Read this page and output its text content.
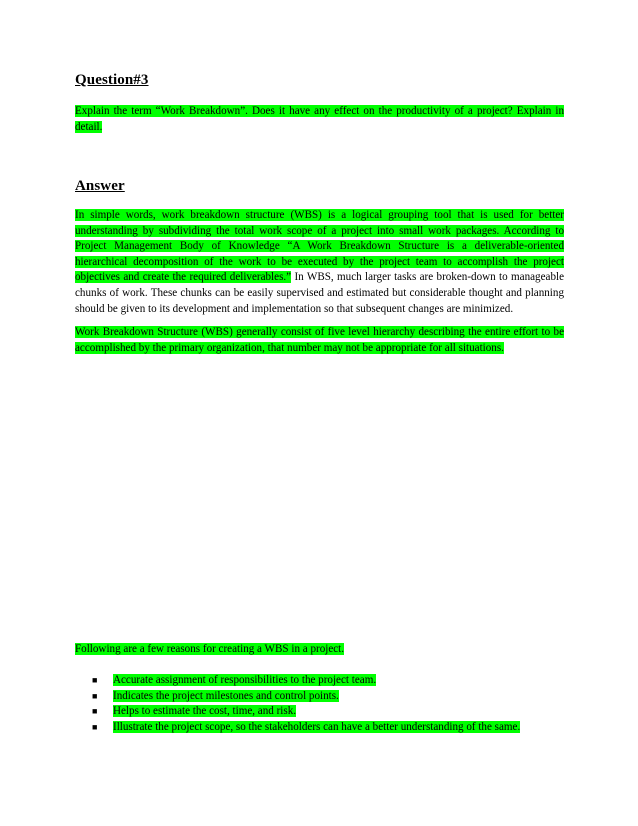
Question#3

Explain the term “Work Breakdown”. Does it have any effect on the productivity of a project? Explain in detail.

Answer

In simple words, work breakdown structure (WBS) is a logical grouping tool that is used for better understanding by subdividing the total work scope of a project into small work packages. According to Project Management Body of Knowledge “A Work Breakdown Structure is a deliverable-oriented hierarchical decomposition of the work to be executed by the project team to accomplish the project objectives and create the required deliverables.” In WBS, much larger tasks are broken-down to manageable chunks of work. These chunks can be easily supervised and estimated but considerable thought and planning should be given to its development and implementation so that subsequent changes are minimized.

Work Breakdown Structure (WBS) generally consist of five level hierarchy describing the entire effort to be accomplished by the primary organization, that number may not be appropriate for all situations.

Following are a few reasons for creating a WBS in a project.

■ Accurate assignment of responsibilities to the project team.
■ Indicates the project milestones and control points.
■ Helps to estimate the cost, time, and risk.
■ Illustrate the project scope, so the stakeholders can have a better understanding of the same.
